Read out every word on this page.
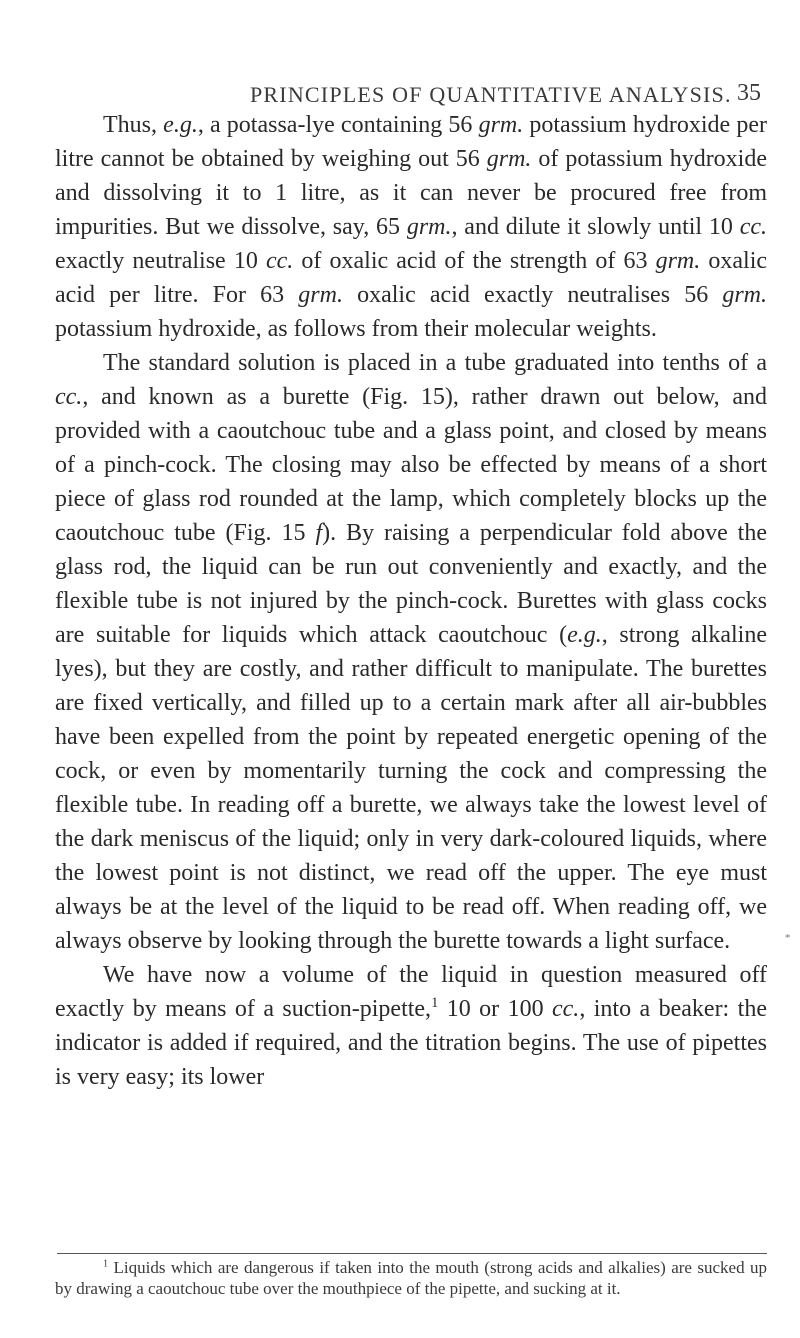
PRINCIPLES OF QUANTITATIVE ANALYSIS. 35

Thus, e.g., a potassa-lye containing 56 grm. potassium hydroxide per litre cannot be obtained by weighing out 56 grm. of potassium hydroxide and dissolving it to 1 litre, as it can never be procured free from impurities. But we dissolve, say, 65 grm., and dilute it slowly until 10 cc. exactly neutralise 10 cc. of oxalic acid of the strength of 63 grm. oxalic acid per litre. For 63 grm. oxalic acid exactly neutralises 56 grm. potassium hydroxide, as follows from their molecular weights.

The standard solution is placed in a tube graduated into tenths of a cc., and known as a burette (Fig. 15), rather drawn out below, and provided with a caoutchouc tube and a glass point, and closed by means of a pinch-cock. The closing may also be effected by means of a short piece of glass rod rounded at the lamp, which completely blocks up the caoutchouc tube (Fig. 15 f). By raising a perpendicular fold above the glass rod, the liquid can be run out conveniently and exactly, and the flexible tube is not injured by the pinch-cock. Burettes with glass cocks are suitable for liquids which attack caoutchouc (e.g., strong alkaline lyes), but they are costly, and rather difficult to manipulate. The burettes are fixed vertically, and filled up to a certain mark after all air-bubbles have been expelled from the point by repeated energetic opening of the cock, or even by momentarily turning the cock and compressing the flexible tube. In reading off a burette, we always take the lowest level of the dark meniscus of the liquid; only in very dark-coloured liquids, where the lowest point is not distinct, we read off the upper. The eye must always be at the level of the liquid to be read off. When reading off, we always observe by looking through the burette towards a light surface.

We have now a volume of the liquid in question measured off exactly by means of a suction-pipette,$^1$ 10 or 100 cc., into a beaker: the indicator is added if required, and the titration begins. The use of pipettes is very easy; its lower

*
$^1$ Liquids which are dangerous if taken into the mouth (strong acids and alkalies) are sucked up by drawing a caoutchouc tube over the mouthpiece of the pipette, and sucking at it.
